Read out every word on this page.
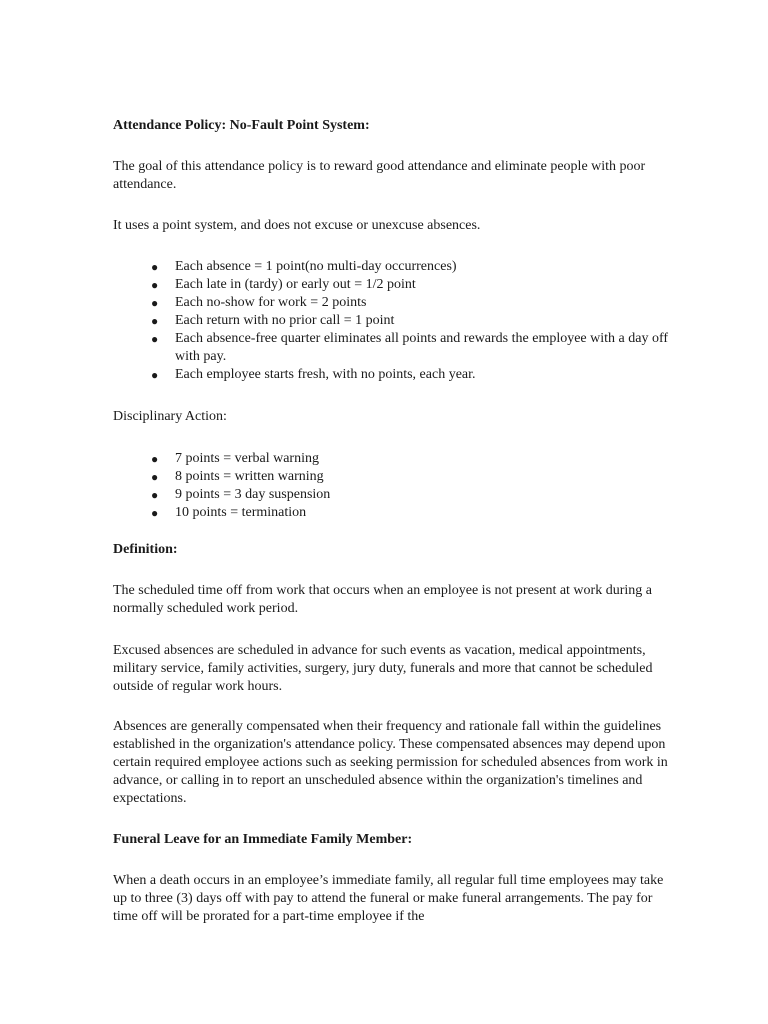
Attendance Policy: No-Fault Point System:

The goal of this attendance policy is to reward good attendance and eliminate people with poor attendance.

It uses a point system, and does not excuse or unexcuse absences.

● Each absence = 1 point(no multi-day occurrences)
● Each late in (tardy) or early out = 1/2 point
● Each no-show for work = 2 points
● Each return with no prior call = 1 point
● Each absence-free quarter eliminates all points and rewards the employee with a day off with pay.
● Each employee starts fresh, with no points, each year.

Disciplinary Action:

● 7 points = verbal warning
● 8 points = written warning
● 9 points = 3 day suspension
● 10 points = termination

Definition:

The scheduled time off from work that occurs when an employee is not present at work during a normally scheduled work period.

Excused absences are scheduled in advance for such events as vacation, medical appointments, military service, family activities, surgery, jury duty, funerals and more that cannot be scheduled outside of regular work hours.

Absences are generally compensated when their frequency and rationale fall within the guidelines established in the organization's attendance policy. These compensated absences may depend upon certain required employee actions such as seeking permission for scheduled absences from work in advance, or calling in to report an unscheduled absence within the organization's timelines and expectations.

Funeral Leave for an Immediate Family Member:

When a death occurs in an employee’s immediate family, all regular full time employees may take up to three (3) days off with pay to attend the funeral or make funeral arrangements. The pay for time off will be prorated for a part-time employee if the
